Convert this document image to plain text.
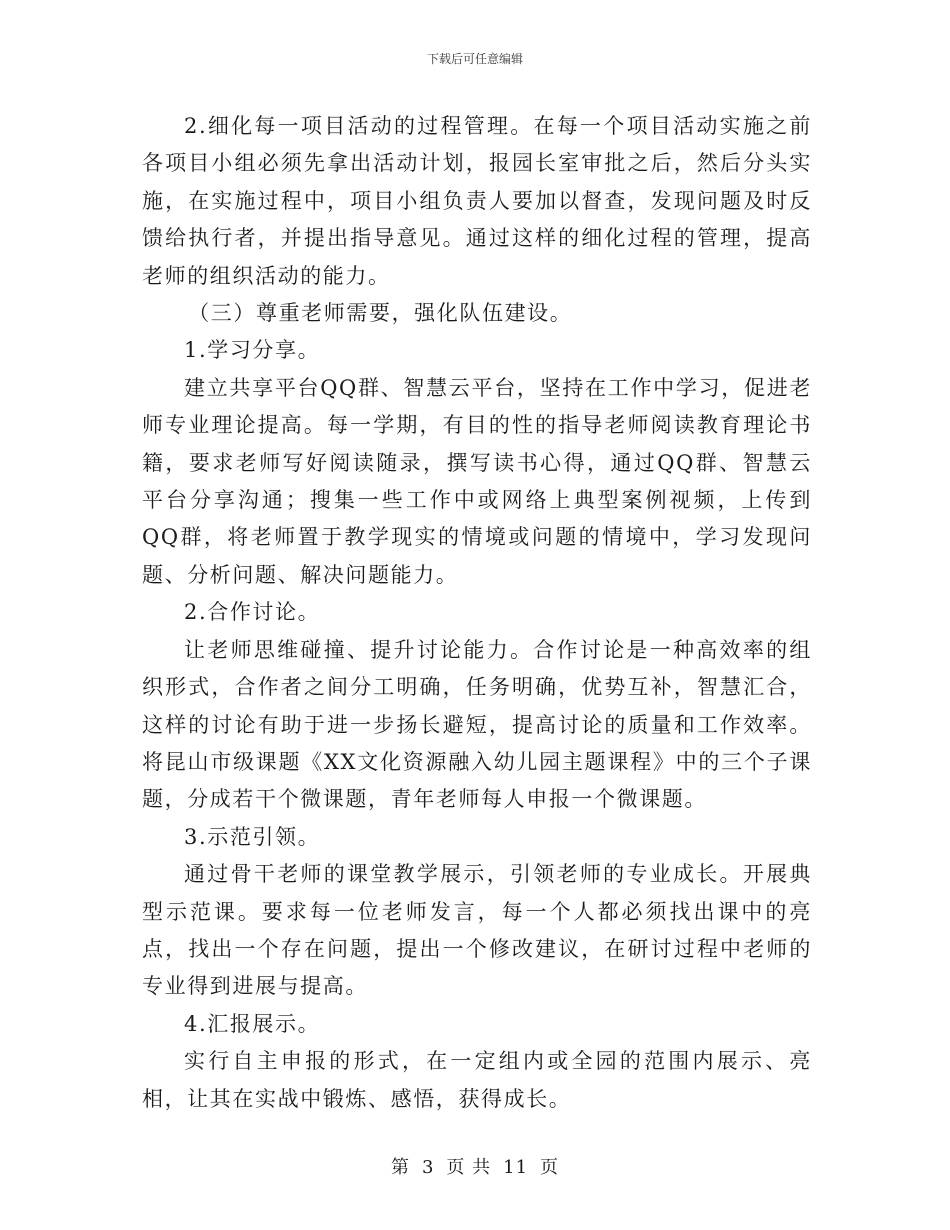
下载后可任意编辑

2.细化每一项目活动的过程管理。在每一个项目活动实施之前各项目小组必须先拿出活动计划，报园长室审批之后，然后分头实施，在实施过程中，项目小组负责人要加以督查，发现问题及时反馈给执行者，并提出指导意见。通过这样的细化过程的管理，提高老师的组织活动的能力。

（三）尊重老师需要，强化队伍建设。

1.学习分享。

建立共享平台QQ群、智慧云平台，坚持在工作中学习，促进老师专业理论提高。每一学期，有目的性的指导老师阅读教育理论书籍，要求老师写好阅读随录，撰写读书心得，通过QQ群、智慧云平台分享沟通；搜集一些工作中或网络上典型案例视频，上传到QQ群，将老师置于教学现实的情境或问题的情境中，学习发现问题、分析问题、解决问题能力。

2.合作讨论。

让老师思维碰撞、提升讨论能力。合作讨论是一种高效率的组织形式，合作者之间分工明确，任务明确，优势互补，智慧汇合，这样的讨论有助于进一步扬长避短，提高讨论的质量和工作效率。将昆山市级课题《XX文化资源融入幼儿园主题课程》中的三个子课题，分成若干个微课题，青年老师每人申报一个微课题。

3.示范引领。

通过骨干老师的课堂教学展示，引领老师的专业成长。开展典型示范课。要求每一位老师发言，每一个人都必须找出课中的亮点，找出一个存在问题，提出一个修改建议，在研讨过程中老师的专业得到进展与提高。

4.汇报展示。

实行自主申报的形式，在一定组内或全园的范围内展示、亮相，让其在实战中锻炼、感悟，获得成长。

第 3 页 共 11 页
